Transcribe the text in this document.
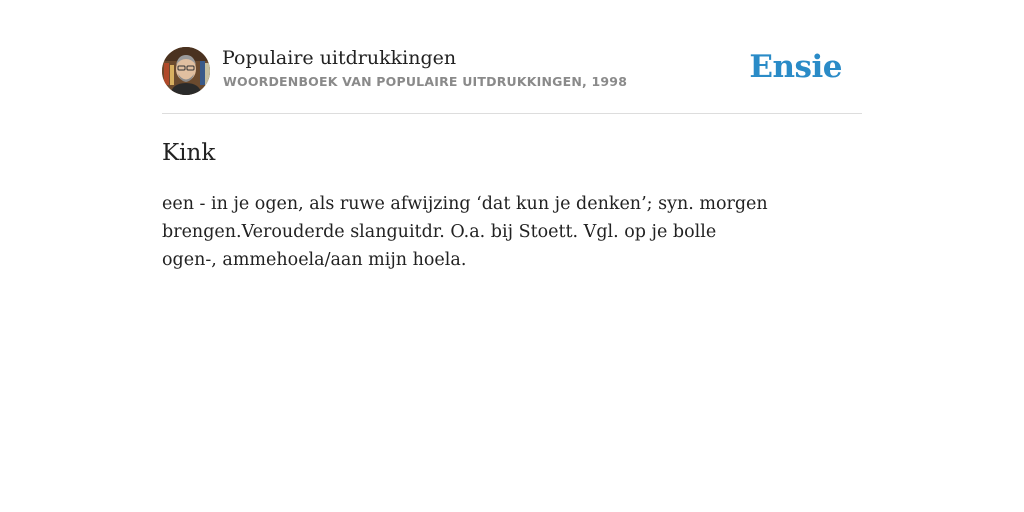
Populaire uitdrukkingen
WOORDENBOEK VAN POPULAIRE UITDRUKKINGEN, 1998	Ensie
Kink

een - in je ogen, als ruwe afwijzing ‘dat kun je denken’; syn. morgen brengen.Verouderde slanguitdr. O.a. bij Stoett. Vgl. op je bolle ogen-, ammehoela/aan mijn hoela.
